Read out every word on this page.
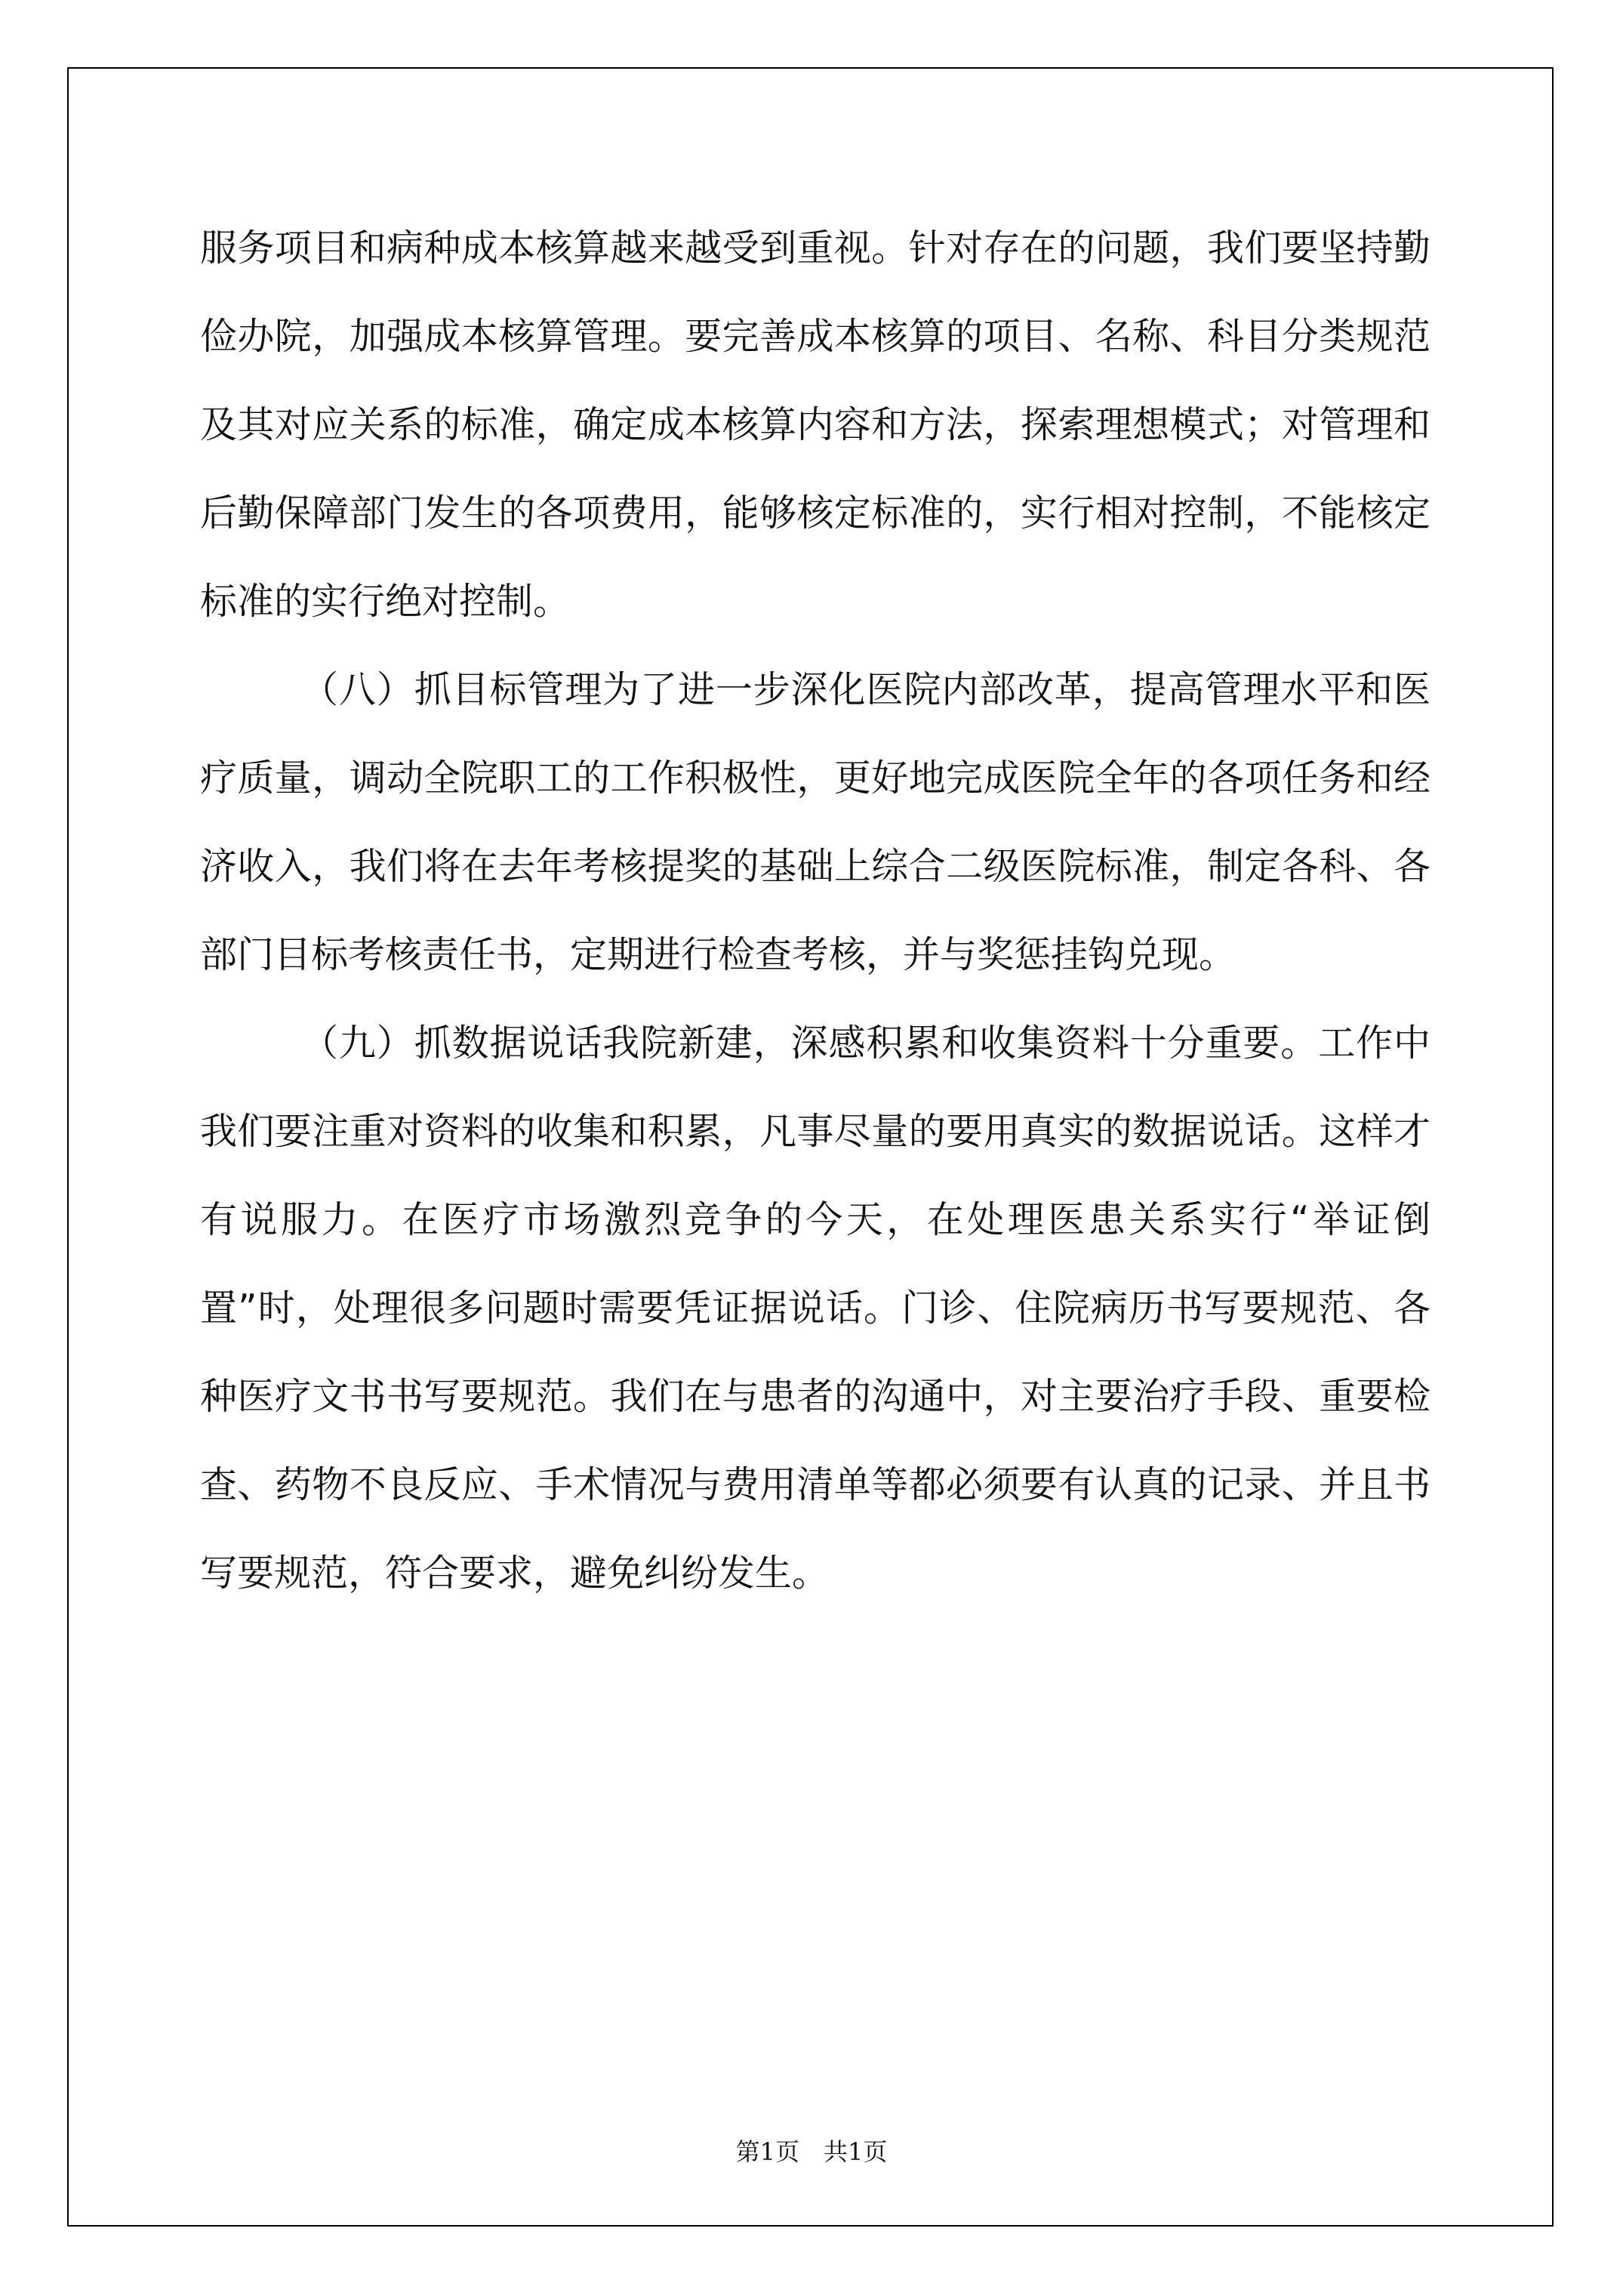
服务项目和病种成本核算越来越受到重视。针对存在的问题，我们要坚持勤俭办院，加强成本核算管理。要完善成本核算的项目、名称、科目分类规范及其对应关系的标准，确定成本核算内容和方法，探索理想模式；对管理和后勤保障部门发生的各项费用，能够核定标准的，实行相对控制，不能核定标准的实行绝对控制。

（八）抓目标管理为了进一步深化医院内部改革，提高管理水平和医疗质量，调动全院职工的工作积极性，更好地完成医院全年的各项任务和经济收入，我们将在去年考核提奖的基础上综合二级医院标准，制定各科、各部门目标考核责任书，定期进行检查考核，并与奖惩挂钩兑现。

（九）抓数据说话我院新建，深感积累和收集资料十分重要。工作中我们要注重对资料的收集和积累，凡事尽量的要用真实的数据说话。这样才有说服力。在医疗市场激烈竞争的今天，在处理医患关系实行“举证倒置”时，处理很多问题时需要凭证据说话。门诊、住院病历书写要规范、各种医疗文书书写要规范。我们在与患者的沟通中，对主要治疗手段、重要检查、药物不良反应、手术情况与费用清单等都必须要有认真的记录、并且书写要规范，符合要求，避免纠纷发生。

第1页　共1页
